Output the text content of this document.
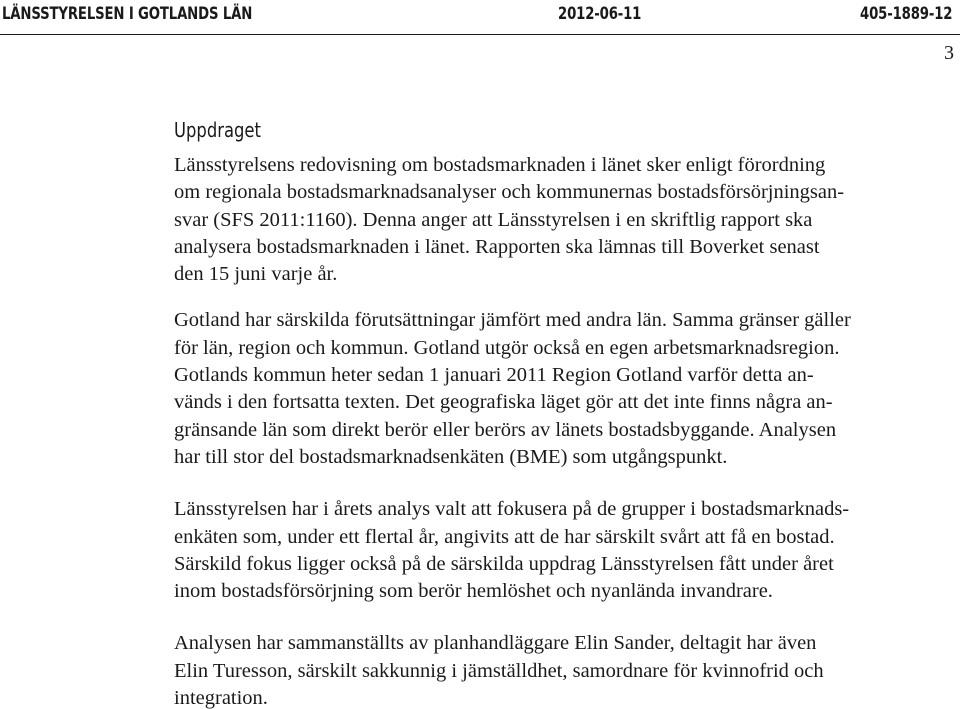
LÄNSSTYRELSEN I GOTLANDS LÄN	2012-06-11	405-1889-12
3
Uppdraget

Länsstyrelsens redovisning om bostadsmarknaden i länet sker enligt förordning
om regionala bostadsmarknadsanalyser och kommunernas bostadsförsörjningsan-
svar (SFS 2011:1160). Denna anger att Länsstyrelsen i en skriftlig rapport ska
analysera bostadsmarknaden i länet. Rapporten ska lämnas till Boverket senast
den 15 juni varje år.

Gotland har särskilda förutsättningar jämfört med andra län. Samma gränser gäller
för län, region och kommun. Gotland utgör också en egen arbetsmarknadsregion.
Gotlands kommun heter sedan 1 januari 2011 Region Gotland varför detta an-
vänds i den fortsatta texten. Det geografiska läget gör att det inte finns några an-
gränsande län som direkt berör eller berörs av länets bostadsbyggande. Analysen
har till stor del bostadsmarknadsenkäten (BME) som utgångspunkt.

Länsstyrelsen har i årets analys valt att fokusera på de grupper i bostadsmarknads-
enkäten som, under ett flertal år, angivits att de har särskilt svårt att få en bostad.
Särskild fokus ligger också på de särskilda uppdrag Länsstyrelsen fått under året
inom bostadsförsörjning som berör hemlöshet och nyanlända invandrare.

Analysen har sammanställts av planhandläggare Elin Sander, deltagit har även
Elin Turesson, särskilt sakkunnig i jämställdhet, samordnare för kvinnofrid och
integration.
